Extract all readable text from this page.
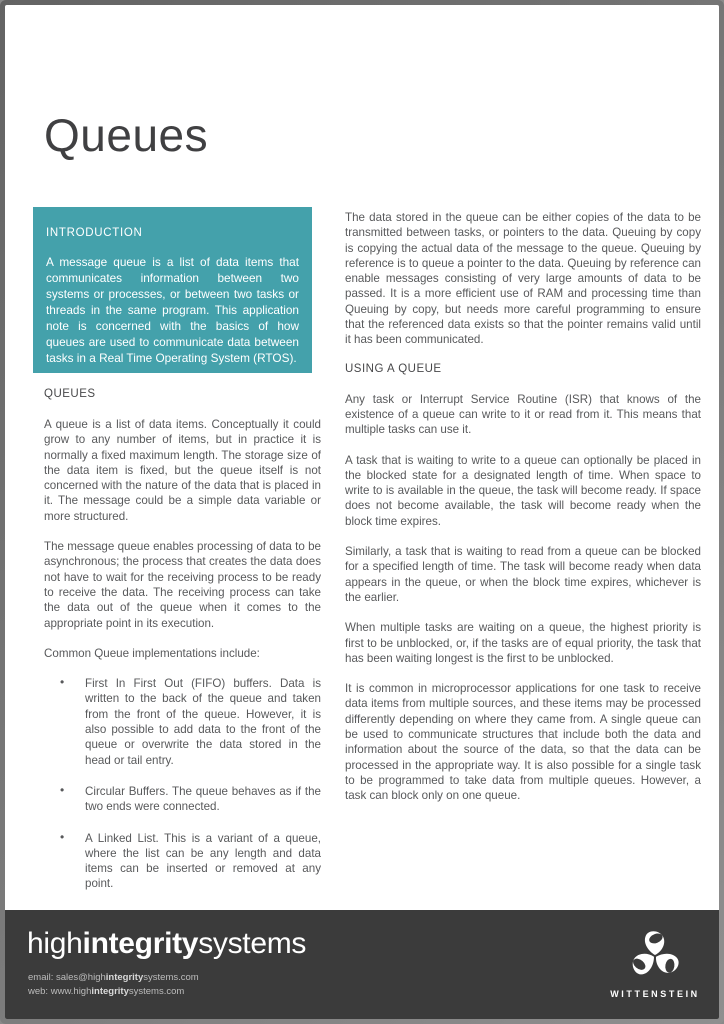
Queues
INTRODUCTION

A message queue is a list of data items that communicates information between two systems or processes, or between two tasks or threads in the same program. This application note is concerned with the basics of how queues are used to communicate data between tasks in a Real Time Operating System (RTOS).

QUEUES

A queue is a list of data items. Conceptually it could grow to any number of items, but in practice it is normally a fixed maximum length. The storage size of the data item is fixed, but the queue itself is not concerned with the nature of the data that is placed in it. The message could be a simple data variable or more structured.

The message queue enables processing of data to be asynchronous; the process that creates the data does not have to wait for the receiving process to be ready to receive the data. The receiving process can take the data out of the queue when it comes to the appropriate point in its execution.

Common Queue implementations include:

• First In First Out (FIFO) buffers. Data is written to the back of the queue and taken from the front of the queue. However, it is also possible to add data to the front of the queue or overwrite the data stored in the head or tail entry.
• Circular Buffers. The queue behaves as if the two ends were connected.
• A Linked List. This is a variant of a queue, where the list can be any length and data items can be inserted or removed at any point.

The data stored in the queue can be either copies of the data to be transmitted between tasks, or pointers to the data. Queuing by copy is copying the actual data of the message to the queue. Queuing by reference is to queue a pointer to the data. Queuing by reference can enable messages consisting of very large amounts of data to be passed. It is a more efficient use of RAM and processing time than Queuing by copy, but needs more careful programming to ensure that the referenced data exists so that the pointer remains valid until it has been communicated.

USING A QUEUE

Any task or Interrupt Service Routine (ISR) that knows of the existence of a queue can write to it or read from it. This means that multiple tasks can use it.

A task that is waiting to write to a queue can optionally be placed in the blocked state for a designated length of time. When space to write to is available in the queue, the task will become ready. If space does not become available, the task will become ready when the block time expires.

Similarly, a task that is waiting to read from a queue can be blocked for a specified length of time. The task will become ready when data appears in the queue, or when the block time expires, whichever is the earlier.

When multiple tasks are waiting on a queue, the highest priority is first to be unblocked, or, if the tasks are of equal priority, the task that has been waiting longest is the first to be unblocked.

It is common in microprocessor applications for one task to receive data items from multiple sources, and these items may be processed differently depending on where they came from. A single queue can be used to communicate structures that include both the data and information about the source of the data, so that the data can be processed in the appropriate way. It is also possible for a single task to be programmed to take data from multiple queues. However, a task can block only on one queue.

highintegritysystems
email: sales@highintegritysystems.com
web: www.highintegritysystems.com	WITTENSTEIN
